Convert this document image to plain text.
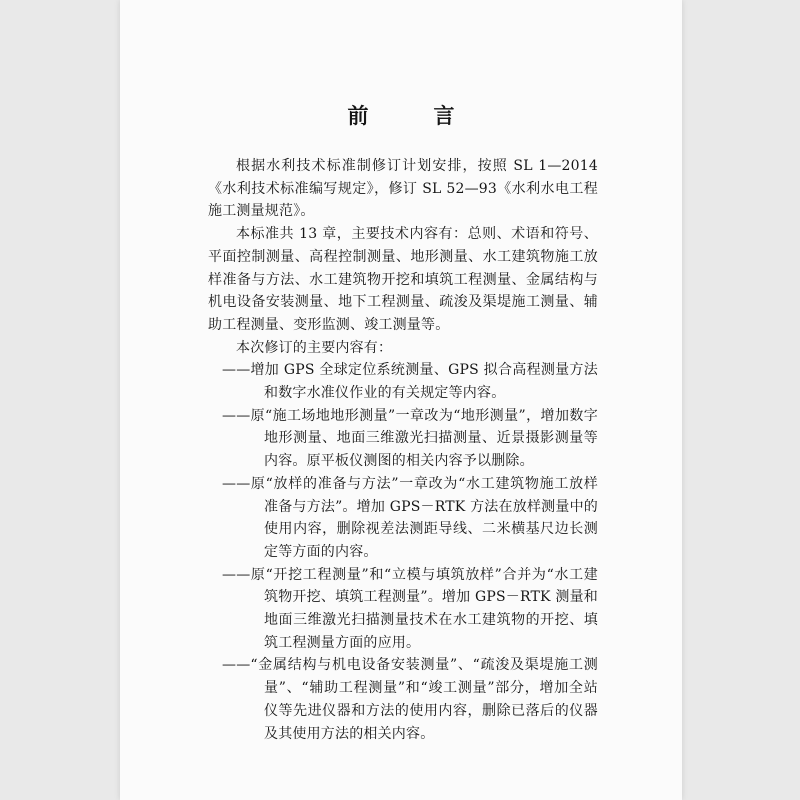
前　言

根据水利技术标准制修订计划安排，按照 SL 1—2014《水利技术标准编写规定》，修订 SL 52—93《水利水电工程施工测量规范》。

本标准共 13 章，主要技术内容有：总则、术语和符号、平面控制测量、高程控制测量、地形测量、水工建筑物施工放样准备与方法、水工建筑物开挖和填筑工程测量、金属结构与机电设备安装测量、地下工程测量、疏浚及渠堤施工测量、辅助工程测量、变形监测、竣工测量等。

本次修订的主要内容有：

——增加 GPS 全球定位系统测量、GPS 拟合高程测量方法和数字水准仪作业的有关规定等内容。

——原“施工场地地形测量”一章改为“地形测量”，增加数字地形测量、地面三维激光扫描测量、近景摄影测量等内容。原平板仪测图的相关内容予以删除。

——原“放样的准备与方法”一章改为“水工建筑物施工放样准备与方法”。增加 GPS－RTK 方法在放样测量中的使用内容，删除视差法测距导线、二米横基尺边长测定等方面的内容。

——原“开挖工程测量”和“立模与填筑放样”合并为“水工建筑物开挖、填筑工程测量”。增加 GPS－RTK 测量和地面三维激光扫描测量技术在水工建筑物的开挖、填筑工程测量方面的应用。

——“金属结构与机电设备安装测量”、“疏浚及渠堤施工测量”、“辅助工程测量”和“竣工测量”部分，增加全站仪等先进仪器和方法的使用内容，删除已落后的仪器及其使用方法的相关内容。
